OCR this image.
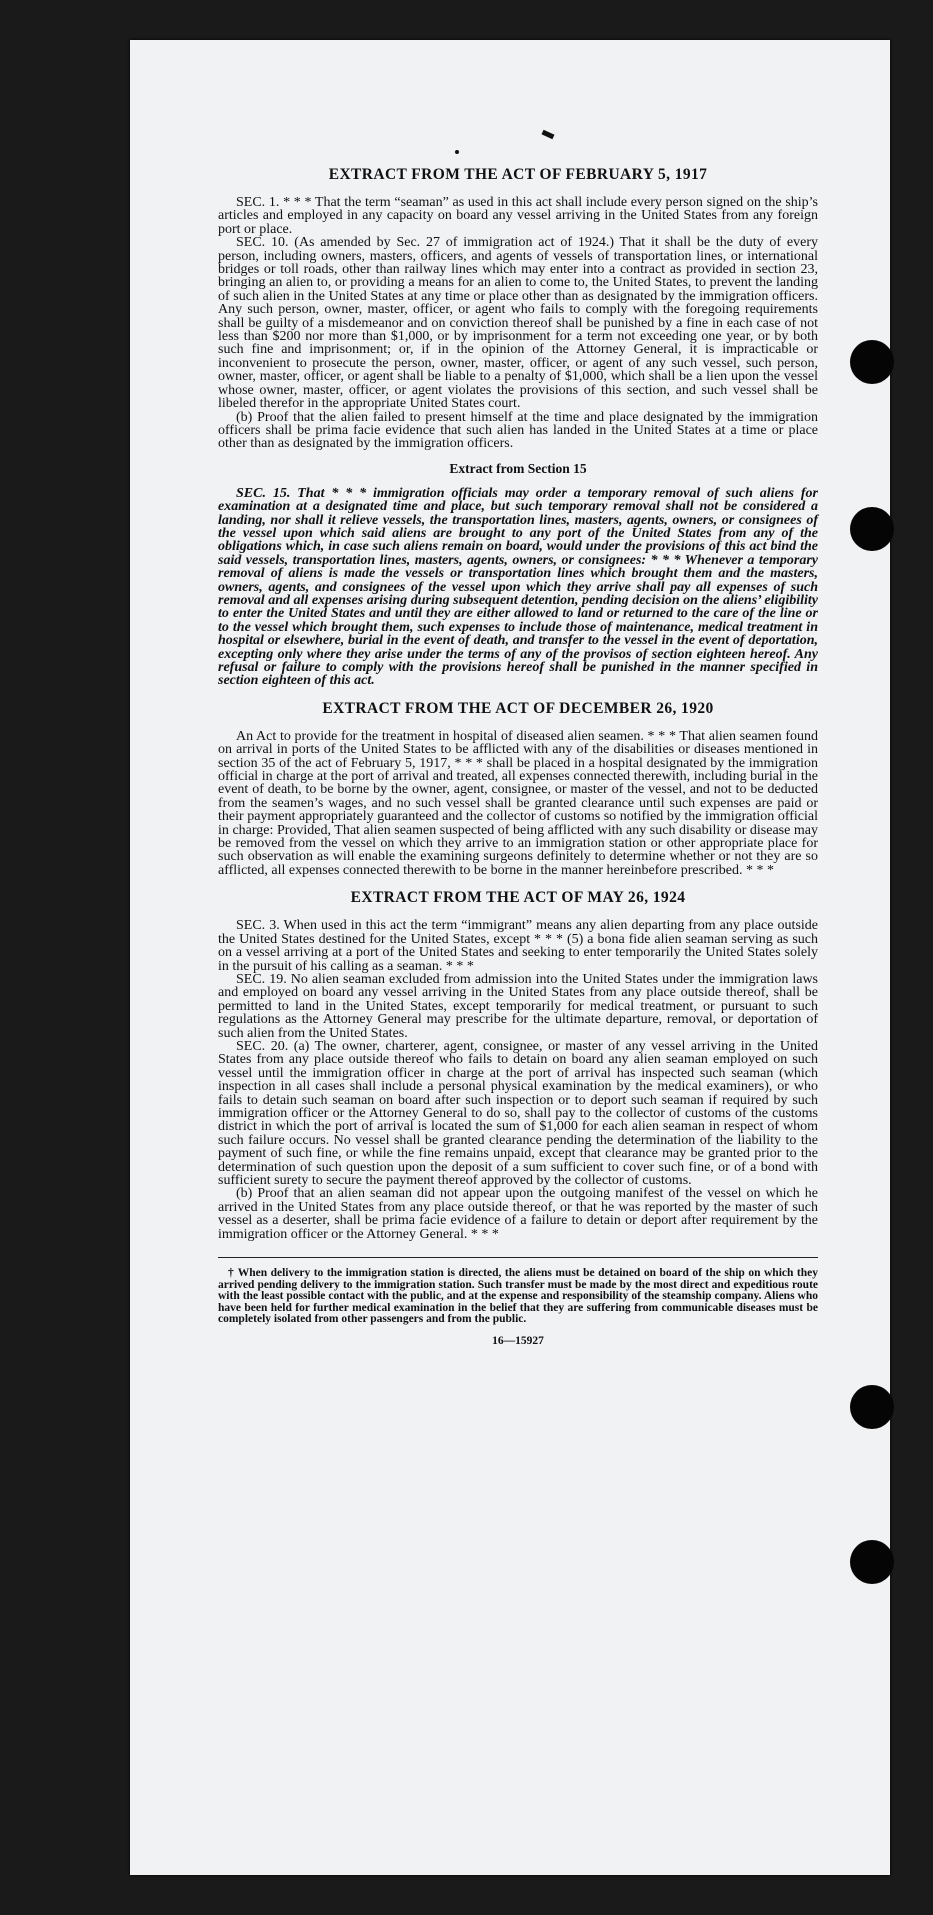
EXTRACT FROM THE ACT OF FEBRUARY 5, 1917

SEC. 1. * * * That the term “seaman” as used in this act shall include every person signed on the ship’s articles and employed in any capacity on board any vessel arriving in the United States from any foreign port or place.

SEC. 10. (As amended by Sec. 27 of immigration act of 1924.) That it shall be the duty of every person, including owners, masters, officers, and agents of vessels of transportation lines, or international bridges or toll roads, other than railway lines which may enter into a contract as provided in section 23, bringing an alien to, or providing a means for an alien to come to, the United States, to prevent the landing of such alien in the United States at any time or place other than as designated by the immigration officers. Any such person, owner, master, officer, or agent who fails to comply with the foregoing requirements shall be guilty of a misdemeanor and on conviction thereof shall be punished by a fine in each case of not less than $200 nor more than $1,000, or by imprisonment for a term not exceeding one year, or by both such fine and imprisonment; or, if in the opinion of the Attorney General, it is impracticable or inconvenient to prosecute the person, owner, master, officer, or agent of any such vessel, such person, owner, master, officer, or agent shall be liable to a penalty of $1,000, which shall be a lien upon the vessel whose owner, master, officer, or agent violates the provisions of this section, and such vessel shall be libeled therefor in the appropriate United States court.

(b) Proof that the alien failed to present himself at the time and place designated by the immigration officers shall be prima facie evidence that such alien has landed in the United States at a time or place other than as designated by the immigration officers.

Extract from Section 15

SEC. 15. That * * * immigration officials may order a temporary removal of such aliens for examination at a designated time and place, but such temporary removal shall not be considered a landing, nor shall it relieve vessels, the transportation lines, masters, agents, owners, or consignees of the vessel upon which said aliens are brought to any port of the United States from any of the obligations which, in case such aliens remain on board, would under the provisions of this act bind the said vessels, transportation lines, masters, agents, owners, or consignees: * * * Whenever a temporary removal of aliens is made the vessels or transportation lines which brought them and the masters, owners, agents, and consignees of the vessel upon which they arrive shall pay all expenses of such removal and all expenses arising during subsequent detention, pending decision on the aliens’ eligibility to enter the United States and until they are either allowed to land or returned to the care of the line or to the vessel which brought them, such expenses to include those of maintenance, medical treatment in hospital or elsewhere, burial in the event of death, and transfer to the vessel in the event of deportation, excepting only where they arise under the terms of any of the provisos of section eighteen hereof. Any refusal or failure to comply with the provisions hereof shall be punished in the manner specified in section eighteen of this act.

EXTRACT FROM THE ACT OF DECEMBER 26, 1920

An Act to provide for the treatment in hospital of diseased alien seamen. * * * That alien seamen found on arrival in ports of the United States to be afflicted with any of the disabilities or diseases mentioned in section 35 of the act of February 5, 1917, * * * shall be placed in a hospital designated by the immigration official in charge at the port of arrival and treated, all expenses connected therewith, including burial in the event of death, to be borne by the owner, agent, consignee, or master of the vessel, and not to be deducted from the seamen’s wages, and no such vessel shall be granted clearance until such expenses are paid or their payment appropriately guaranteed and the collector of customs so notified by the immigration official in charge: Provided, That alien seamen suspected of being afflicted with any such disability or disease may be removed from the vessel on which they arrive to an immigration station or other appropriate place for such observation as will enable the examining surgeons definitely to determine whether or not they are so afflicted, all expenses connected therewith to be borne in the manner hereinbefore prescribed. * * *

EXTRACT FROM THE ACT OF MAY 26, 1924

SEC. 3. When used in this act the term “immigrant” means any alien departing from any place outside the United States destined for the United States, except * * * (5) a bona fide alien seaman serving as such on a vessel arriving at a port of the United States and seeking to enter temporarily the United States solely in the pursuit of his calling as a seaman. * * *

SEC. 19. No alien seaman excluded from admission into the United States under the immigration laws and employed on board any vessel arriving in the United States from any place outside thereof, shall be permitted to land in the United States, except temporarily for medical treatment, or pursuant to such regulations as the Attorney General may prescribe for the ultimate departure, removal, or deportation of such alien from the United States.

SEC. 20. (a) The owner, charterer, agent, consignee, or master of any vessel arriving in the United States from any place outside thereof who fails to detain on board any alien seaman employed on such vessel until the immigration officer in charge at the port of arrival has inspected such seaman (which inspection in all cases shall include a personal physical examination by the medical examiners), or who fails to detain such seaman on board after such inspection or to deport such seaman if required by such immigration officer or the Attorney General to do so, shall pay to the collector of customs of the customs district in which the port of arrival is located the sum of $1,000 for each alien seaman in respect of whom such failure occurs. No vessel shall be granted clearance pending the determination of the liability to the payment of such fine, or while the fine remains unpaid, except that clearance may be granted prior to the determination of such question upon the deposit of a sum sufficient to cover such fine, or of a bond with sufficient surety to secure the payment thereof approved by the collector of customs.

(b) Proof that an alien seaman did not appear upon the outgoing manifest of the vessel on which he arrived in the United States from any place outside thereof, or that he was reported by the master of such vessel as a deserter, shall be prima facie evidence of a failure to detain or deport after requirement by the immigration officer or the Attorney General. * * *

† When delivery to the immigration station is directed, the aliens must be detained on board of the ship on which they arrived pending delivery to the immigration station. Such transfer must be made by the most direct and expeditious route with the least possible contact with the public, and at the expense and responsibility of the steamship company. Aliens who have been held for further medical examination in the belief that they are suffering from communicable diseases must be completely isolated from other passengers and from the public.

16—15927
